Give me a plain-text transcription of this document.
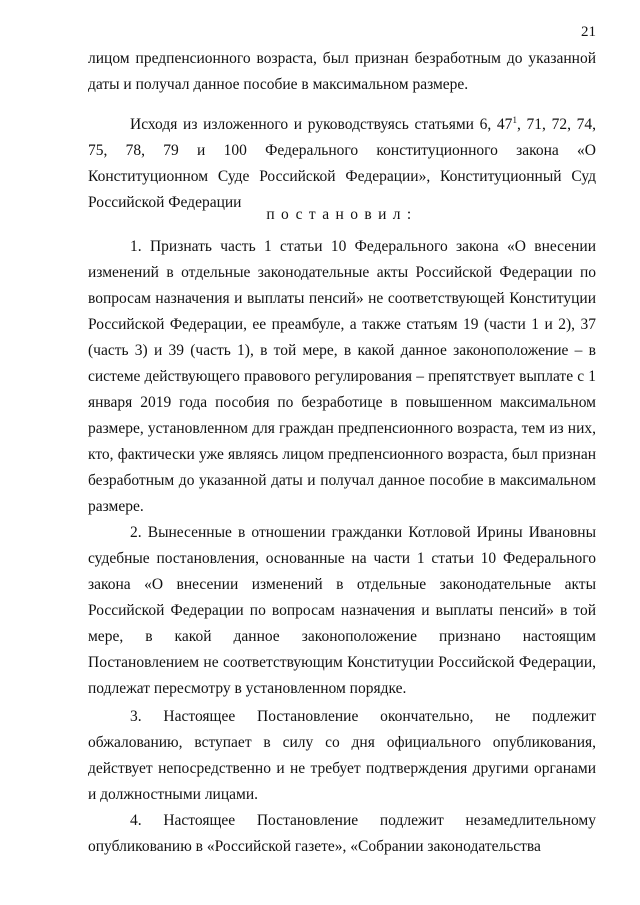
21

лицом предпенсионного возраста, был признан безработным до указанной даты и получал данное пособие в максимальном размере.

Исходя из изложенного и руководствуясь статьями 6, $47^1$, 71, 72, 74, 75, 78, 79 и 100 Федерального конституционного закона «О Конституционном Суде Российской Федерации», Конституционный Суд Российской Федерации

постановил:

1. Признать часть 1 статьи 10 Федерального закона «О внесении изменений в отдельные законодательные акты Российской Федерации по вопросам назначения и выплаты пенсий» не соответствующей Конституции Российской Федерации, ее преамбуле, а также статьям 19 (части 1 и 2), 37 (часть 3) и 39 (часть 1), в той мере, в какой данное законоположение – в системе действующего правового регулирования – препятствует выплате с 1 января 2019 года пособия по безработице в повышенном максимальном размере, установленном для граждан предпенсионного возраста, тем из них, кто, фактически уже являясь лицом предпенсионного возраста, был признан безработным до указанной даты и получал данное пособие в максимальном размере.

2. Вынесенные в отношении гражданки Котловой Ирины Ивановны судебные постановления, основанные на части 1 статьи 10 Федерального закона «О внесении изменений в отдельные законодательные акты Российской Федерации по вопросам назначения и выплаты пенсий» в той мере, в какой данное законоположение признано настоящим Постановлением не соответствующим Конституции Российской Федерации, подлежат пересмотру в установленном порядке.

3. Настоящее Постановление окончательно, не подлежит обжалованию, вступает в силу со дня официального опубликования, действует непосредственно и не требует подтверждения другими органами и должностными лицами.

4. Настоящее Постановление подлежит незамедлительному опубликованию в «Российской газете», «Собрании законодательства
